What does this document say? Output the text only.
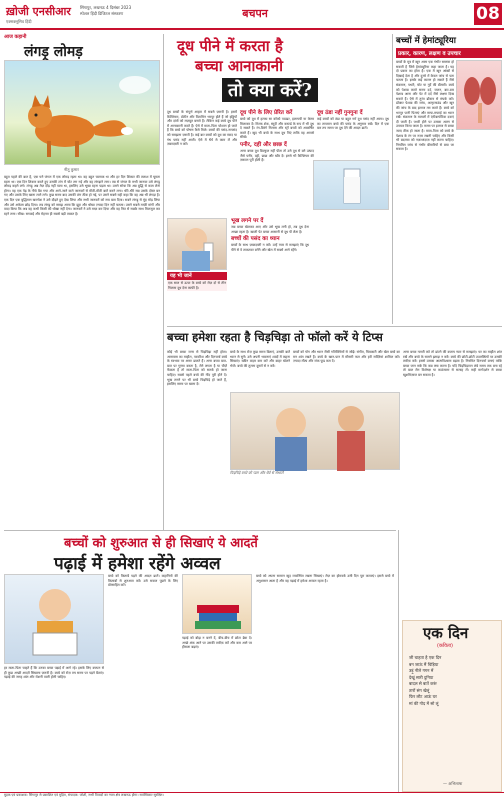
ख़ोजी एनसीआर
एक्सक्लूसिव हिंदी
सिंगापुर, लखनऊ 4 दिसंबर 2023
स्पेशल हिंदी डिजिटल संस्करण	बचपन	08
आज कहानी
लंगड़ू लोमड़
नीतू कुमार
बहुत पहले की बात है, एक घने जंगल में एक लोमड़ रहता था। वह बहुत चालाक था और हर दिन शिकार की तलाश में घूमता रहता था। एक दिन शिकार करते हुए उसकी टांग में चोट लग गई और वह लंगड़ाने लगा। तब से जंगल के सभी जानवर उसे लंगड़ू लोमड़ कहने लगे। लंगड़ू अब तेज़ दौड़ नहीं पाता था, इसलिए उसे भूखा रहना पड़ता था। उसने सोचा कि अब बुद्धि से काम लेना होगा। वह एक पेड़ के नीचे बैठ गया और आने-जाने वाले जानवरों से मीठी-मीठी बातें करने लगा। धीरे-धीरे सब उसके दोस्त बन गए और उसके लिए खाना लाने लगे। कुछ समय बाद उसकी टांग ठीक हो गई, पर उसने सबसे यही कहा कि वह अब भी लंगड़ा है। एक दिन एक बुद्धिमान खरगोश ने उसे दौड़ते हुए देख लिया और सभी जानवरों को सच बता दिया। सबने लंगड़ू से मुंह मोड़ लिया और उसे अकेला छोड़ दिया। तब लंगड़ू को समझ आया कि झूठ और धोखा ज़्यादा दिन नहीं चलता। उसने सबसे माफ़ी मांगी और वादा किया कि अब वह कभी किसी को धोखा नहीं देगा। जानवरों ने उसे माफ़ कर दिया और वह फिर से सबके साथ मिलजुल कर रहने लगा। सीख: सच्चाई और मेहनत ही सबसे बड़ी ताकत है।
दूध पीने में करता है
बच्चा आनाकानी
तो क्या करें?
दूध बच्चों के संपूर्ण आहार में सबसे ज़रूरी है। इसमें कैल्शियम, प्रोटीन और विटामिन भरपूर होते हैं जो हड्डियों और दांतों को मज़बूत बनाते हैं। लेकिन कई बच्चे दूध पीने में आनाकानी करते हैं। ऐसे में माता-पिता परेशान हो जाते हैं कि बच्चे को पोषण कैसे मिले। बच्चों की पसंद-नापसंद को समझना ज़रूरी है। कई बार बच्चों को दूध का स्वाद या गंध पसंद नहीं आती। ऐसे में धैर्य से काम लें और ज़बरदस्ती न करें।
दूध पीने के लिए प्रेरित करें
बच्चे को दूध में हल्का सा कोको पाउडर, इलायची या केसर मिलाकर दें। मिल्क शेक, स्मूदी और कस्टर्ड के रूप में भी दूध दे सकते हैं। रंग-बिरंगे गिलास और स्ट्रॉ बच्चों को आकर्षित करते हैं। खुद भी बच्चे के साथ दूध पिएं ताकि वह आपसे सीखे।
पनीर, दही और छाछ दें
अगर बच्चा दूध बिल्कुल नहीं पीता तो उसे दूध से बने उत्पाद जैसे पनीर, दही, छाछ और खीर दें। इनसे भी कैल्शियम की ज़रूरत पूरी होती है।
दूध ठंडा नहीं गुनगुना दें
कई बच्चों को ठंडा या बहुत गर्म दूध पसंद नहीं आता। दूध का तापमान बच्चे की पसंद के अनुसार रखें। दिन में एक बार तय समय पर दूध देने की आदत डालें।
यह भी जानें
एक साल से ऊपर के बच्चे को रोज़ दो से तीन गिलास दूध देना काफी है।
भूख लगने पर दें
जब बच्चा खेलकर आए और उसे भूख लगी हो, तब दूध देना अच्छा रहता है। खाली पेट बच्चा आसानी से दूध पी लेता है।
बच्चों की पसंद का ध्यान
बच्चों के साथ ज़बरदस्ती न करें। उन्हें प्यार से समझाएं कि दूध पीने से वे ताकतवर बनेंगे और खेल में सबसे आगे रहेंगे।
बच्चों में हेमांट्यूरिया
प्रकार, कारण, लक्षण व उपचार
बच्चों के मूत्र में खून आना एक गंभीर समस्या हो सकती है जिसे हेमांट्यूरिया कहा जाता है। यह दो प्रकार का होता है। एक में खून आंखों से दिखाई देता है और दूसरे में केवल जांच से पता चलता है। इसके कई कारण हो सकते हैं जैसे संक्रमण, पथरी, चोट या गुर्दे की बीमारी। बच्चे को पेशाब करते समय दर्द, जलन, बार-बार पेशाब आना और पेट में दर्द जैसे लक्षण दिख सकते हैं। ऐसे में तुरंत डॉक्टर से संपर्क करें। डॉक्टर पेशाब की जांच, अल्ट्रासाउंड और खून की जांच के बाद इलाज तय करते हैं। बच्चे को भरपूर पानी पिलाएं और साफ-सफाई का ध्यान रखें। संक्रमण के मामलों में एंटीबायोटिक दवाएं दी जाती हैं। पथरी होने पर उसका अलग से उपचार किया जाता है। समय पर इलाज से बच्चा जल्द ठीक हो जाता है। माता-पिता को बच्चे के पेशाब के रंग पर नज़र रखनी चाहिए और किसी भी बदलाव को नज़रअंदाज़ नहीं करना चाहिए। नियमित जांच से गंभीर बीमारियों से बचा जा सकता है।
बच्चा हमेशा रहता है चिड़चिड़ा तो फॉलो करें ये टिप्स
कोई भी बच्चा जन्म से चिड़चिड़ा नहीं होता। आसपास का माहौल, परवरिश और दिनचर्या बच्चे के स्वभाव पर असर डालते हैं। अगर बच्चा बात-बात पर गुस्सा करता है, रोने लगता है या चीज़ें फेंकता है तो माता-पिता को सतर्क हो जाना चाहिए। सबसे पहले बच्चे की नींद पूरी होने दें। भूख लगने पर भी बच्चे चिड़चिड़े हो जाते हैं, इसलिए समय पर खाना दें।
बच्चे के साथ रोज़ कुछ समय बिताएं, उसकी बातें ध्यान से सुनें। उसे अपनी भावनाएं शब्दों में कहना सिखाएं। स्क्रीन टाइम कम करें और बाहर खेलने भेजें। बच्चे की तुलना दूसरों से न करें।
चिड़चिड़े बच्चे को प्यार और धैर्य से संभालें
अगर बच्चा गलती करे तो डांटने की बजाय प्यार से समझाएं। घर का माहौल शांत रखें और बच्चे के सामने झगड़ा न करें। बच्चे की छोटी-छोटी उपलब्धियों पर उसकी तारीफ़ करें। इससे उसका आत्मविश्वास बढ़ता है। नियमित दिनचर्या बनाएं ताकि बच्चा जान सके कि कब क्या करना है। यदि चिड़चिड़ापन लंबे समय तक बना रहे तो बाल रोग विशेषज्ञ या काउंसलर से सलाह लें। सही मार्गदर्शन से बच्चा खुशमिज़ाज बन सकता है।
बच्चों को योग और ध्यान जैसी गतिविधियों से जोड़ें। संगीत, चित्रकारी और खेल बच्चे का मन शांत रखते हैं। बच्चे के खान-पान में मौसमी फल और हरी सब्ज़ियां शामिल करें। ज़्यादा मीठा और जंक फूड कम दें।
बच्चों को शुरुआत से ही सिखाएं ये आदतें
पढ़ाई में हमेशा रहेंगे अव्वल
हर माता-पिता चाहते हैं कि उनका बच्चा पढ़ाई में आगे रहे। इसके लिए बचपन से ही कुछ अच्छी आदतें सिखाना ज़रूरी है। बच्चे को रोज़ तय समय पर पढ़ने बैठाएं। पढ़ाई की जगह शांत और रोशनी वाली होनी चाहिए।
बच्चे को किताबें पढ़ने की आदत डालें। कहानियों की किताबों से शुरुआत करें। उसे सवाल पूछने के लिए प्रोत्साहित करें।
पढ़ाई को बोझ न बनने दें, बीच-बीच में छोटा ब्रेक दें। अच्छे अंक आने पर उसकी तारीफ़ करें और कम आने पर हौसला बढ़ाएं।
बच्चे को अपना सामान खुद व्यवस्थित रखना सिखाएं। रोज़ का होमवर्क उसी दिन पूरा करवाएं। इससे बच्चे में अनुशासन आता है और वह पढ़ाई में हमेशा अव्वल रहता है।
एक दिन
(कविता)
जी चाहता है एक दिन
बन जाऊं मैं चिड़िया
उड़ूं नीले गगन में
देखूं सारी दुनिया
बादल से बातें करूं
तारों संग खेलूं
फिर लौट आऊं घर
मां की गोद में सो लूं
— अभिलाषा
मुद्रक एवं प्रकाशक: सिंगापुर से प्रकाशित एवं मुद्रित, संपादक: जोशी, सभी विवादों का न्याय क्षेत्र लखनऊ होगा। सर्वाधिकार सुरक्षित।
